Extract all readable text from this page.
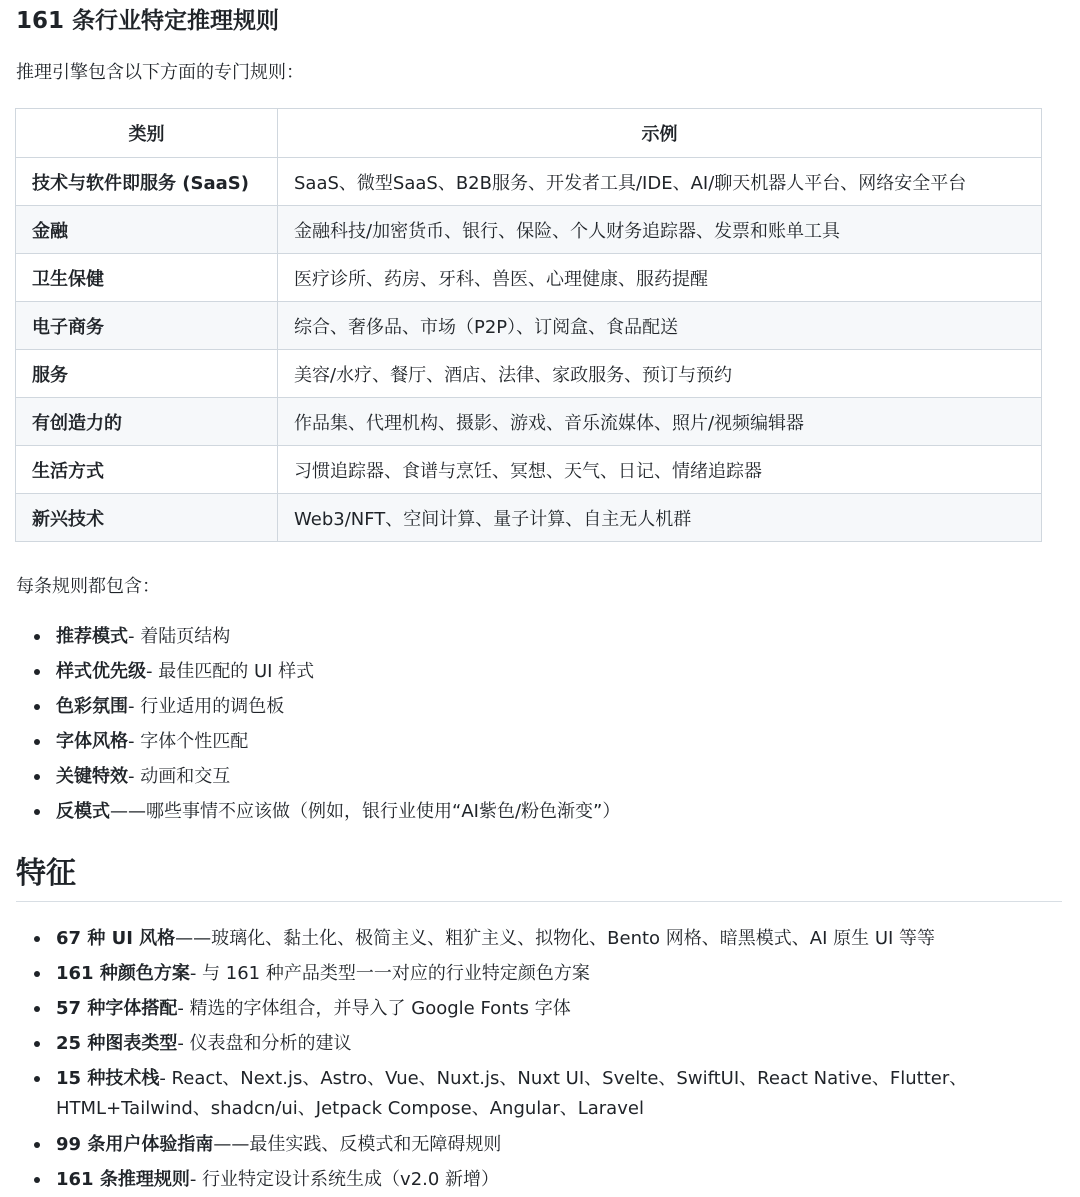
161 条行业特定推理规则
推理引擎包含以下方面的专门规则：
类别	示例
技术与软件即服务 (SaaS)	SaaS、微型SaaS、B2B服务、开发者工具/IDE、AI/聊天机器人平台、网络安全平台
金融	金融科技/加密货币、银行、保险、个人财务追踪器、发票和账单工具
卫生保健	医疗诊所、药房、牙科、兽医、心理健康、服药提醒
电子商务	综合、奢侈品、市场（P2P）、订阅盒、食品配送
服务	美容/水疗、餐厅、酒店、法律、家政服务、预订与预约
有创造力的	作品集、代理机构、摄影、游戏、音乐流媒体、照片/视频编辑器
生活方式	习惯追踪器、食谱与烹饪、冥想、天气、日记、情绪追踪器
新兴技术	Web3/NFT、空间计算、量子计算、自主无人机群
每条规则都包含：
推荐模式- 着陆页结构
样式优先级- 最佳匹配的 UI 样式
色彩氛围- 行业适用的调色板
字体风格- 字体个性匹配
关键特效- 动画和交互
反模式——哪些事情不应该做（例如，银行业使用“AI紫色/粉色渐变”）
特征
67 种 UI 风格——玻璃化、黏土化、极简主义、粗犷主义、拟物化、Bento 网格、暗黑模式、AI 原生 UI 等等
161 种颜色方案- 与 161 种产品类型一一对应的行业特定颜色方案
57 种字体搭配- 精选的字体组合，并导入了 Google Fonts 字体
25 种图表类型- 仪表盘和分析的建议
15 种技术栈- React、Next.js、Astro、Vue、Nuxt.js、Nuxt UI、Svelte、SwiftUI、React Native、Flutter、HTML+Tailwind、shadcn/ui、Jetpack Compose、Angular、Laravel
99 条用户体验指南——最佳实践、反模式和无障碍规则
161 条推理规则- 行业特定设计系统生成（v2.0 新增）
